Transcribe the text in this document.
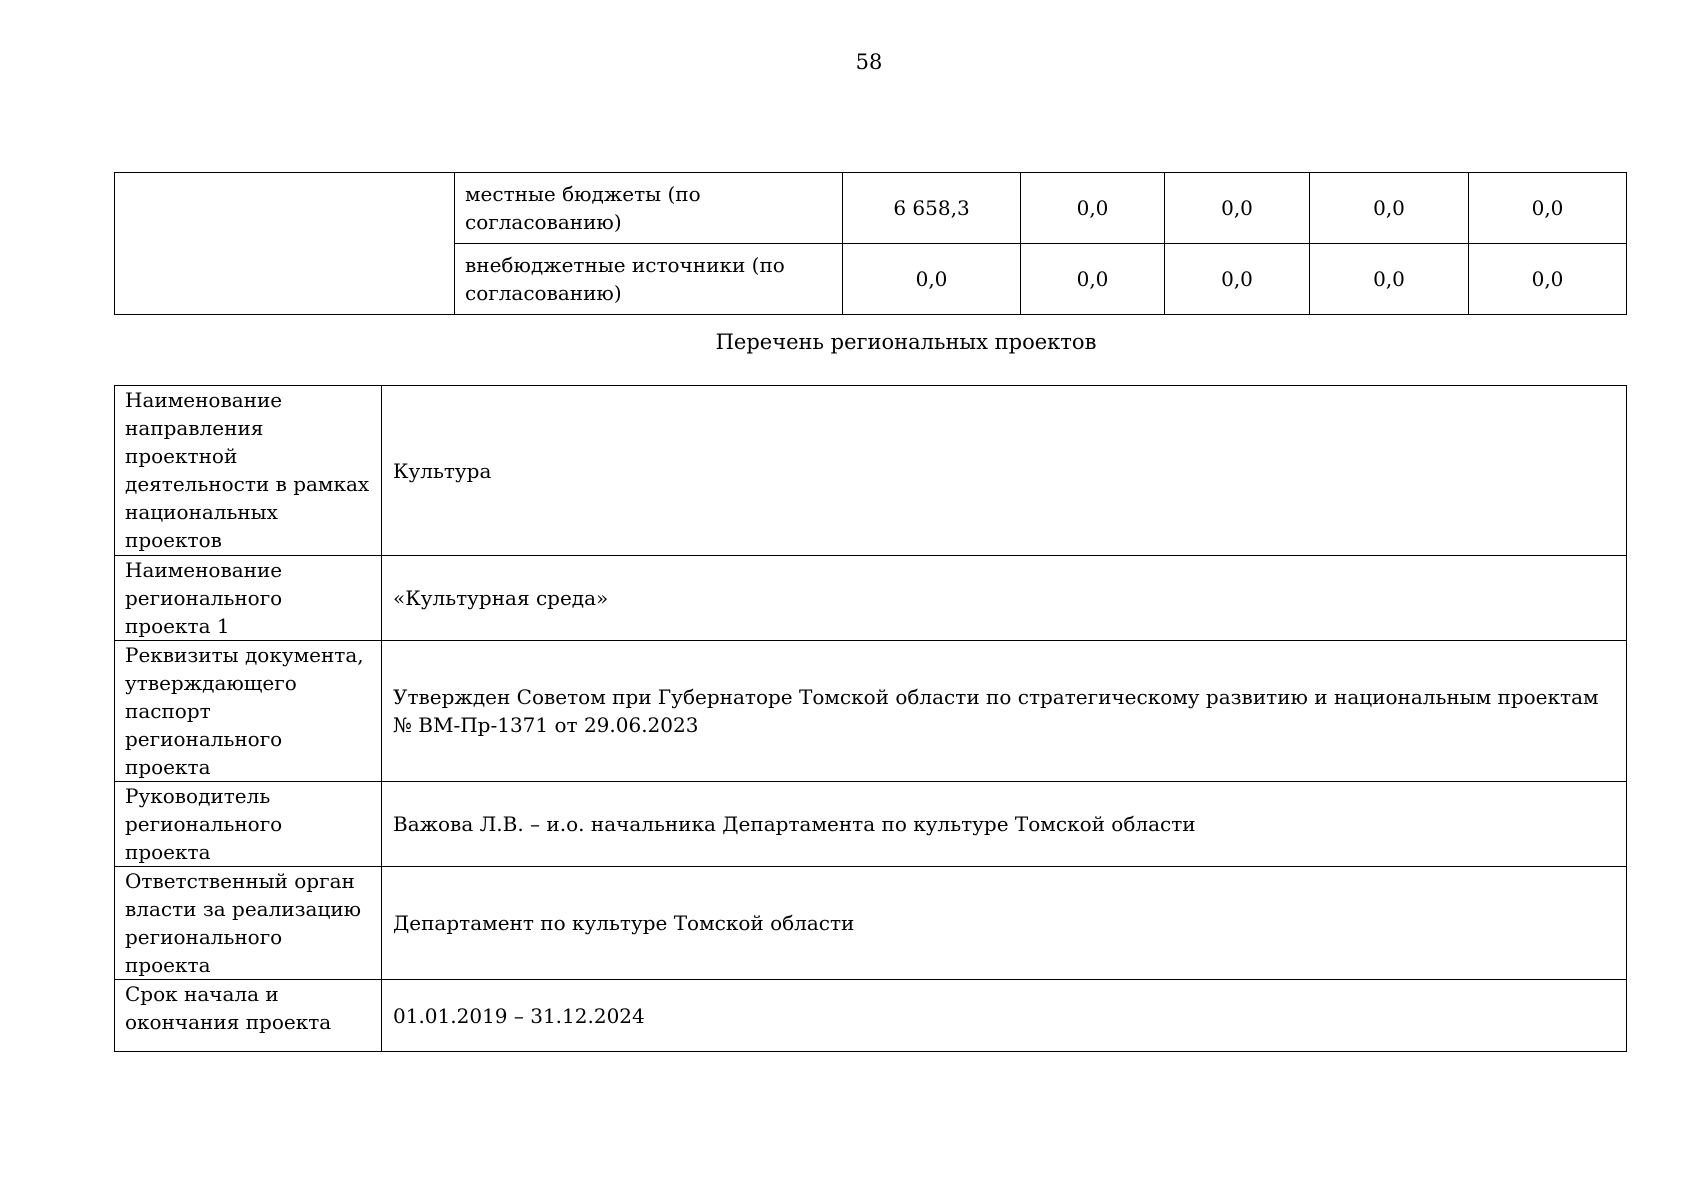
58
	местные бюджеты (по согласованию)	6 658,3	0,0	0,0	0,0	0,0
	внебюджетные источники (по согласованию)	0,0	0,0	0,0	0,0	0,0
Перечень региональных проектов
Наименование направления проектной деятельности в рамках национальных проектов	Культура
Наименование регионального проекта 1	«Культурная среда»
Реквизиты документа, утверждающего паспорт регионального проекта	Утвержден Советом при Губернаторе Томской области по стратегическому развитию и национальным проектам № ВМ-Пр-1371 от 29.06.2023
Руководитель регионального проекта	Важова Л.В. – и.о. начальника Департамента по культуре Томской области
Ответственный орган власти за реализацию регионального проекта	Департамент по культуре Томской области
Срок начала и окончания проекта	01.01.2019 – 31.12.2024
